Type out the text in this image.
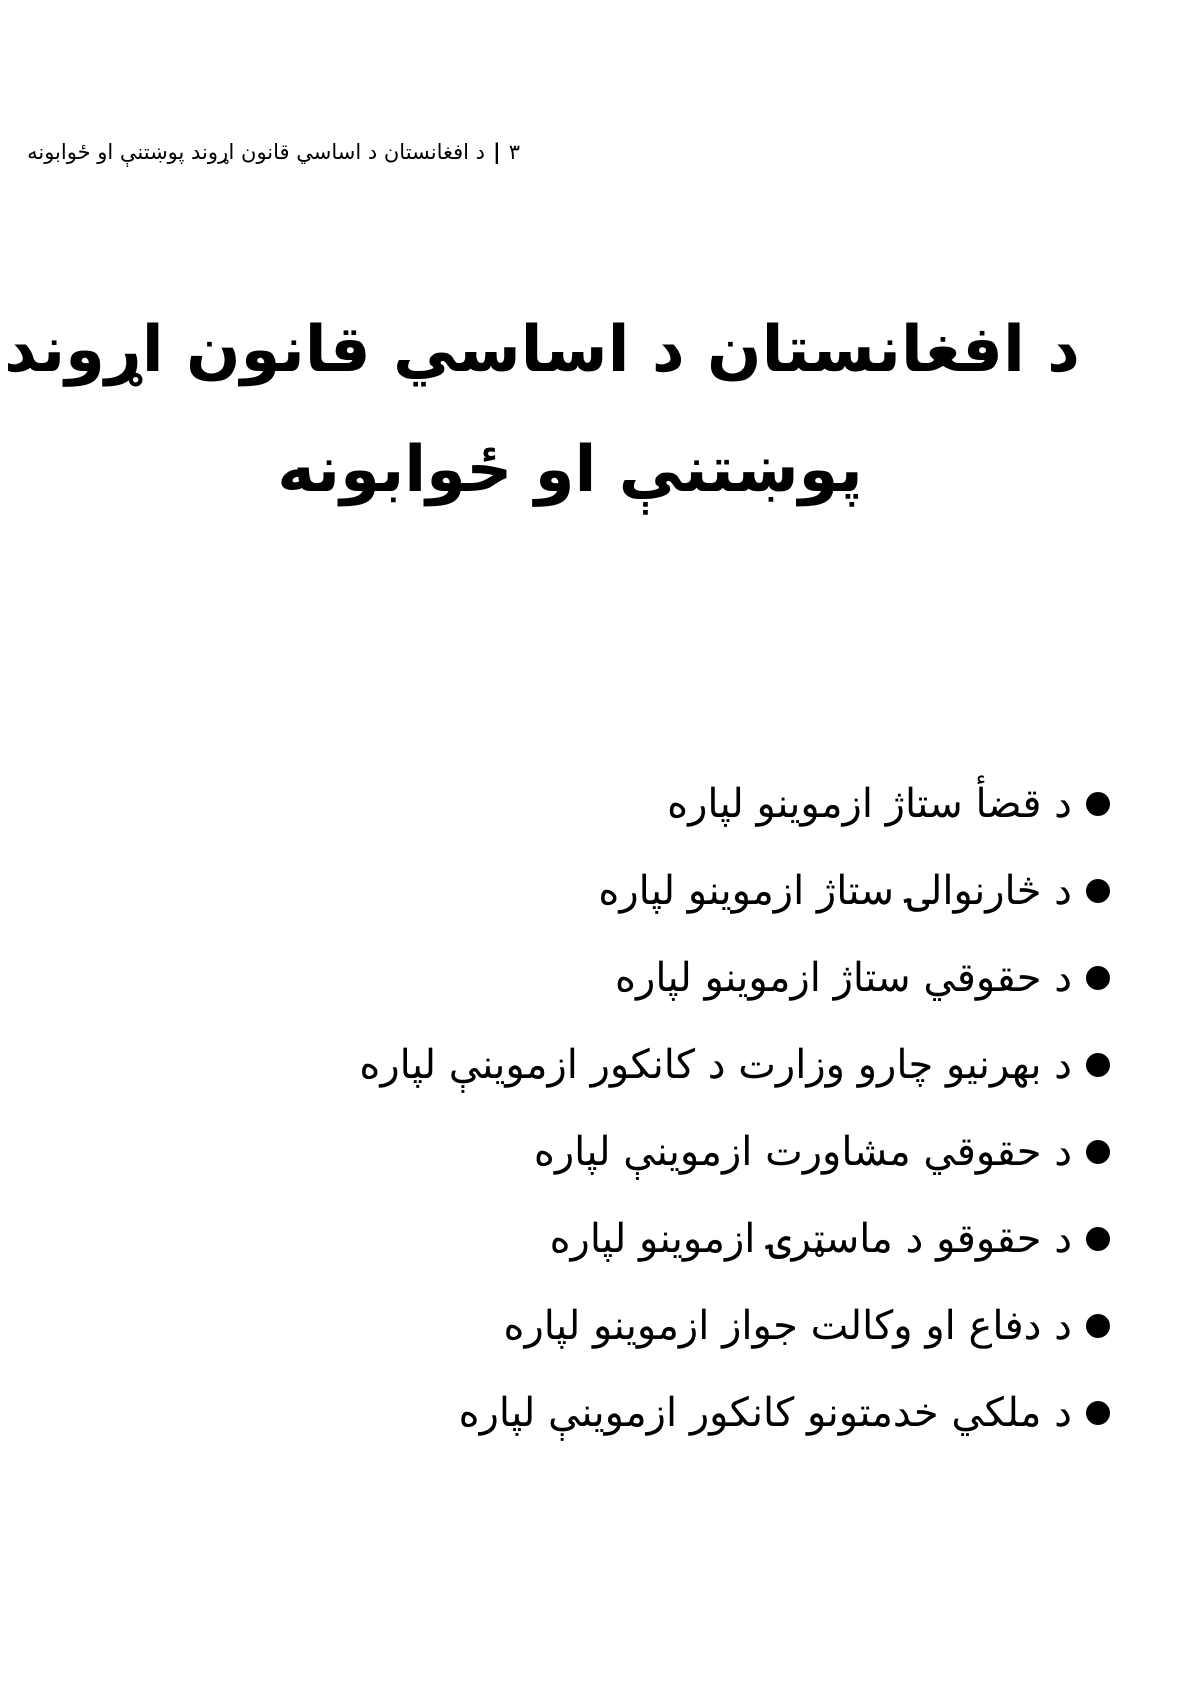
٣
|
د افغانستان د اساسي قانون اړوند پوښتنې او ځوابونه
د افغانستان د اساسي قانون اړوند
پوښتنې او ځوابونه
د قضأ ستاژ ازموینو لپاره
د څارنوالۍ ستاژ ازموینو لپاره
د حقوقي ستاژ ازموینو لپاره
د بهرنیو چارو وزارت د کانکور ازموینې لپاره
د حقوقي مشاورت ازموینې لپاره
د حقوقو د ماسټرۍ ازموینو لپاره
د دفاع او وکالت جواز ازموینو لپاره
د ملکي خدمتونو کانکور ازموینې لپاره
